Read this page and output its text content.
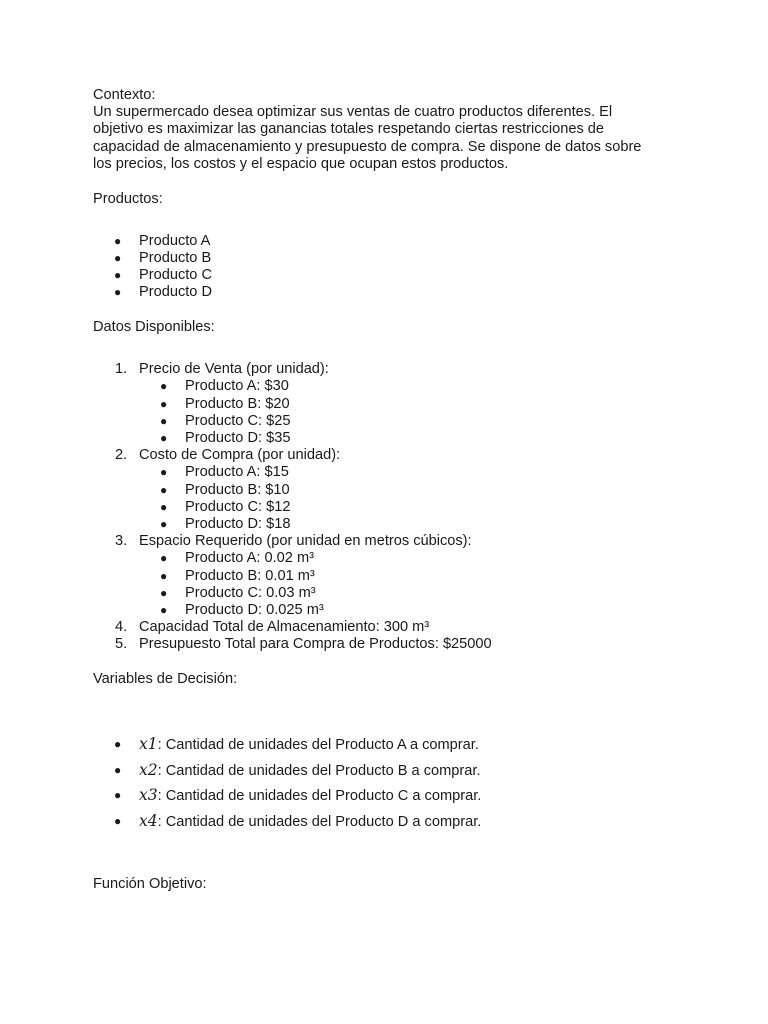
Contexto:

Un supermercado desea optimizar sus ventas de cuatro productos diferentes. El

objetivo es maximizar las ganancias totales respetando ciertas restricciones de

capacidad de almacenamiento y presupuesto de compra. Se dispone de datos sobre

los precios, los costos y el espacio que ocupan estos productos.

Productos:

● Producto A
● Producto B
● Producto C
● Producto D

Datos Disponibles:

1. Precio de Venta (por unidad):
● Producto A: $30
● Producto B: $20
● Producto C: $25
● Producto D: $35
2. Costo de Compra (por unidad):
● Producto A: $15
● Producto B: $10
● Producto C: $12
● Producto D: $18
3. Espacio Requerido (por unidad en metros cúbicos):
● Producto A: 0.02 m³
● Producto B: 0.01 m³
● Producto C: 0.03 m³
● Producto D: 0.025 m³
4. Capacidad Total de Almacenamiento: 300 m³
5. Presupuesto Total para Compra de Productos: $25000

Variables de Decisión:

● x1: Cantidad de unidades del Producto A a comprar.
● x2: Cantidad de unidades del Producto B a comprar.
● x3: Cantidad de unidades del Producto C a comprar.
● x4: Cantidad de unidades del Producto D a comprar.

Función Objetivo:
